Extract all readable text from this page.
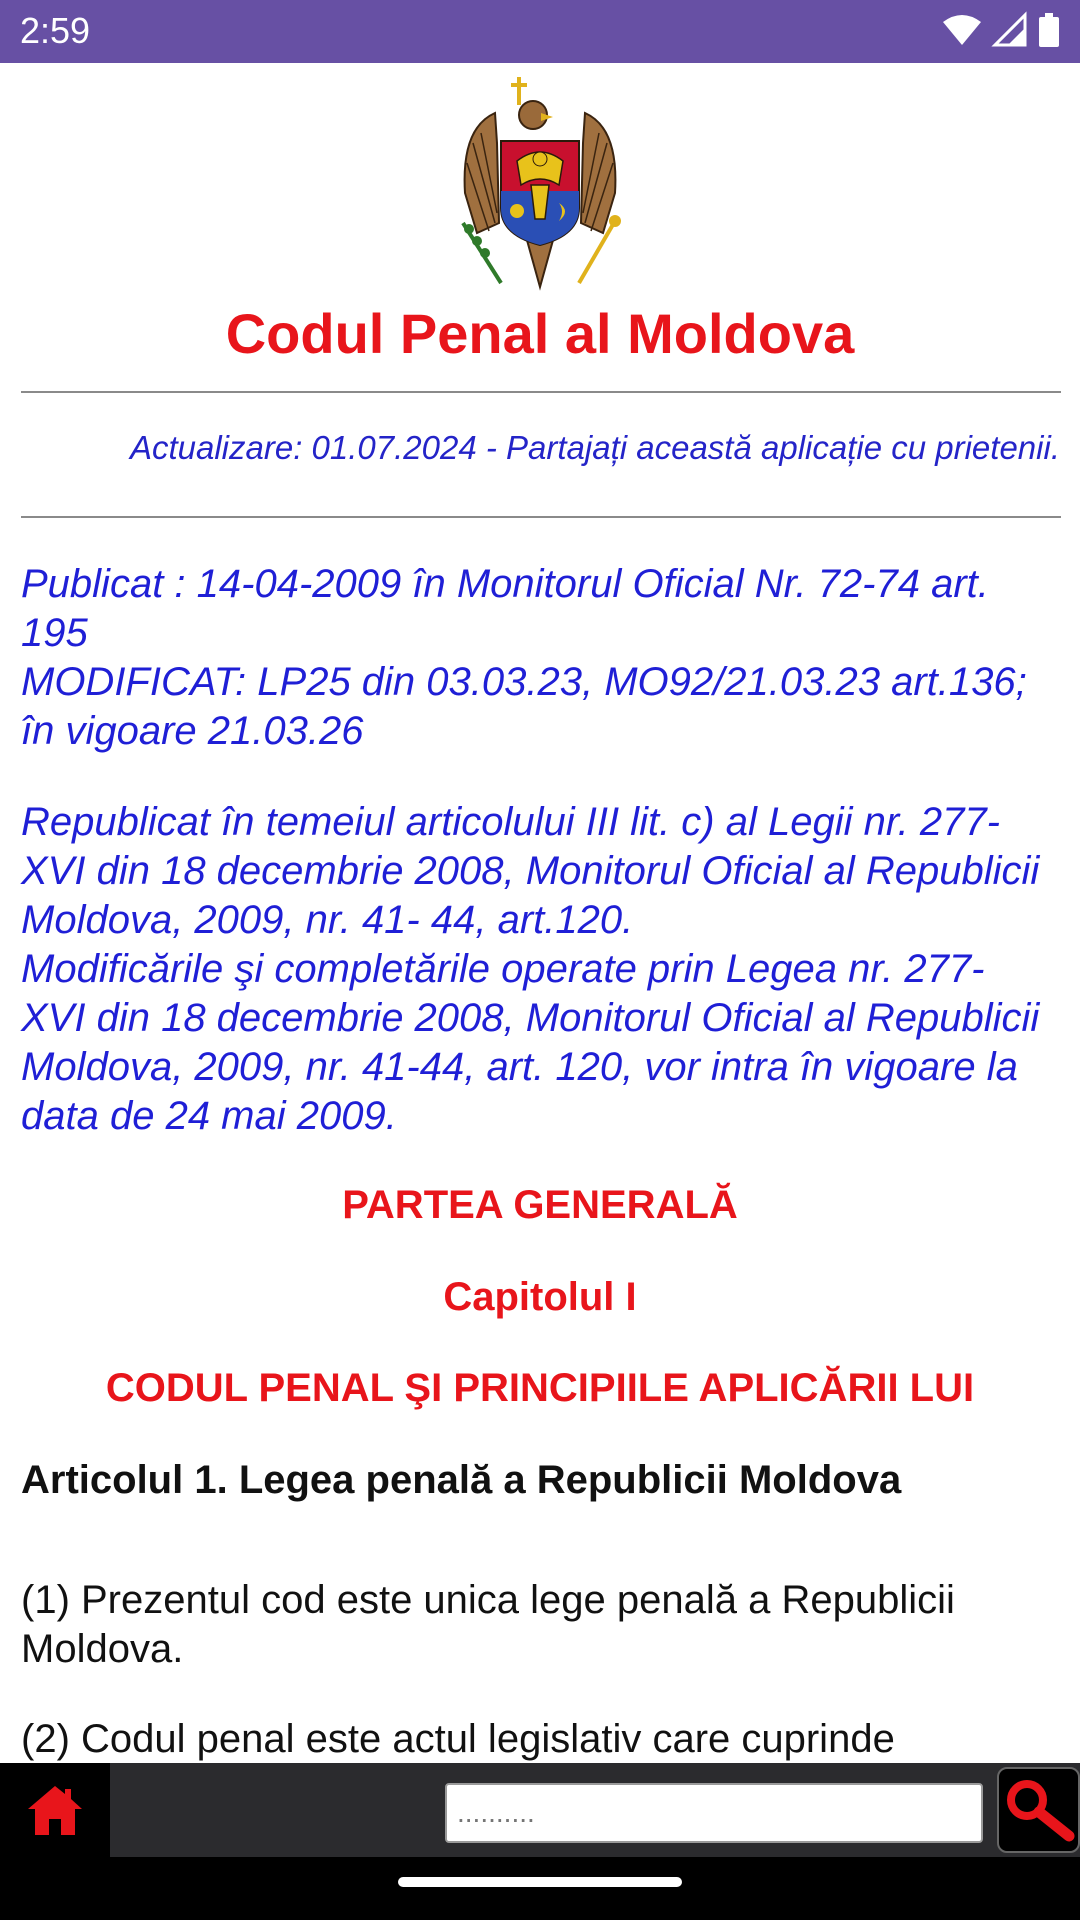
2:59
Codul Penal al Moldova
Actualizare: 01.07.2024 - Partajați această aplicație cu prietenii.
Publicat : 14-04-2009 în Monitorul Oficial Nr. 72-74 art.
195
MODIFICAT: LP25 din 03.03.23, MO92/21.03.23 art.136;
în vigoare 21.03.26
Republicat în temeiul articolului III lit. c) al Legii nr. 277-
XVI din 18 decembrie 2008, Monitorul Oficial al Republicii
Moldova, 2009, nr. 41- 44, art.120.
Modificările şi completările operate prin Legea nr. 277-
XVI din 18 decembrie 2008, Monitorul Oficial al Republicii
Moldova, 2009, nr. 41-44, art. 120, vor intra în vigoare la
data de 24 mai 2009.
PARTEA GENERALĂ
Capitolul I
CODUL PENAL ŞI PRINCIPIILE APLICĂRII LUI
Articolul 1. Legea penală a Republicii Moldova
(1) Prezentul cod este unica lege penală a Republicii
Moldova.
(2) Codul penal este actul legislativ care cuprinde
..........
